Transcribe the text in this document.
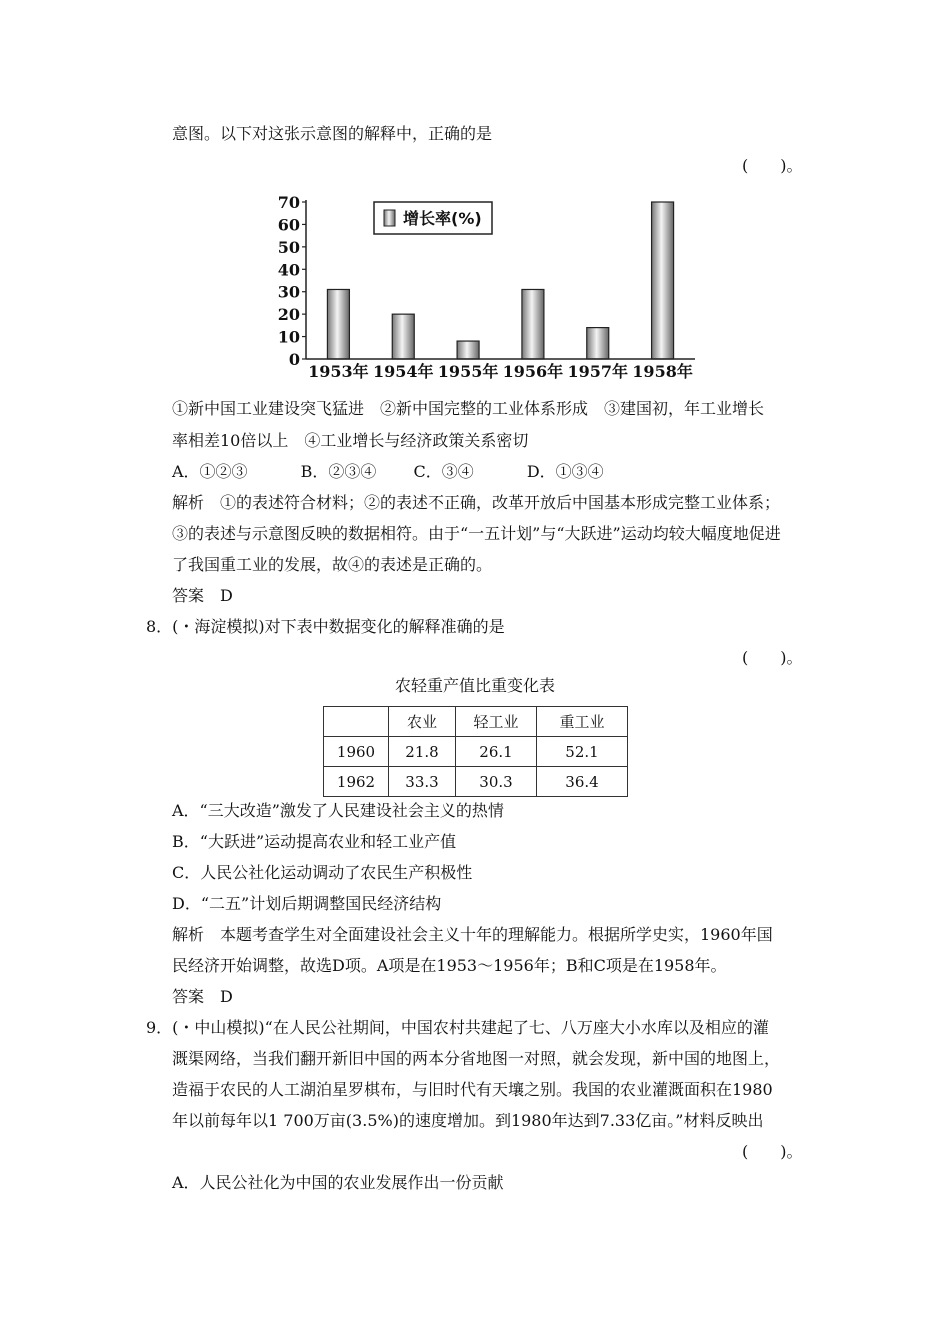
意图。以下对这张示意图的解释中，正确的是
(　　)。
0
10
20
30
40
50
60
70
1953年 1954年 1955年 1956年 1957年 1958年
增长率(%)
①新中国工业建设突飞猛进　②新中国完整的工业体系形成　③建国初，年工业增长
率相差10倍以上　④工业增长与经济政策关系密切
A．①②③　　　 B．②③④　　 C．③④　　　 D．①③④
解析　①的表述符合材料；②的表述不正确，改革开放后中国基本形成完整工业体系；
③的表述与示意图反映的数据相符。由于“一五计划”与“大跃进”运动均较大幅度地促进
了我国重工业的发展，故④的表述是正确的。
答案　D
8．(・海淀模拟)对下表中数据变化的解释准确的是
(　　)。
农轻重产值比重变化表
	农业	轻工业	重工业
1960	21.8	26.1	52.1
1962	33.3	30.3	36.4
A．“三大改造”激发了人民建设社会主义的热情
B．“大跃进”运动提高农业和轻工业产值
C．人民公社化运动调动了农民生产积极性
D．“二五”计划后期调整国民经济结构
解析　本题考查学生对全面建设社会主义十年的理解能力。根据所学史实，1960年国
民经济开始调整，故选D项。A项是在1953～1956年；B和C项是在1958年。
答案　D
9．(・中山模拟)“在人民公社期间，中国农村共建起了七、八万座大小水库以及相应的灌
溉渠网络，当我们翻开新旧中国的两本分省地图一对照，就会发现，新中国的地图上，
造福于农民的人工湖泊星罗棋布，与旧时代有天壤之别。我国的农业灌溉面积在1980
年以前每年以1 700万亩(3.5%)的速度增加。到1980年达到7.33亿亩。”材料反映出
(　　)。
A．人民公社化为中国的农业发展作出一份贡献
